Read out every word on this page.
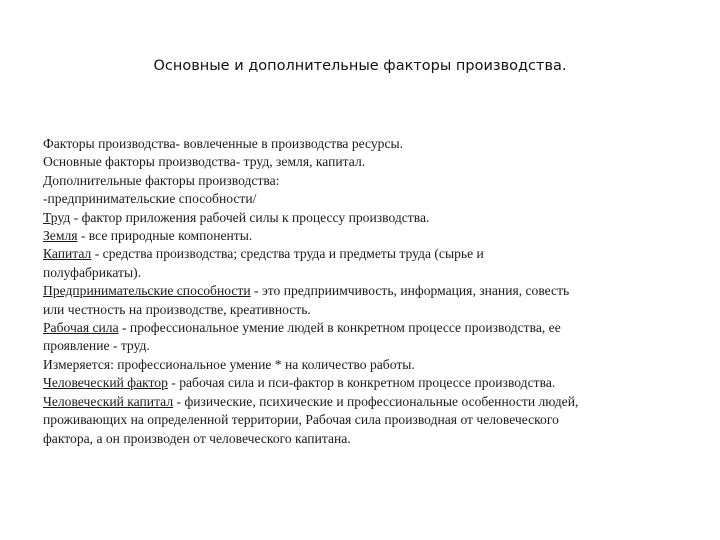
Основные и дополнительные факторы производства.

Факторы производства- вовлеченные в производства ресурсы.

Основные факторы производства- труд, земля, капитал.

Дополнительные факторы производства:

-предпринимательские способности/

Труд - фактор приложения рабочей силы к процессу производства.

Земля - все природные компоненты.

Капитал - средства производства; средства труда и предметы труда (сырье и

полуфабрикаты).

Предпринимательские способности - это предприимчивость, информация, знания, совесть

или честность на производстве, креативность.

Рабочая сила - профессиональное умение людей в конкретном процессе производства, ее

проявление - труд.

Измеряется: профессиональное умение * на количество работы.

Человеческий фактор - рабочая сила и пси-фактор в конкретном процессе производства.

Человеческий капитал - физические, психические и профессиональные особенности людей,

проживающих на определенной территории, Рабочая сила производная от человеческого

фактора, а он производен от человеческого капитана.
